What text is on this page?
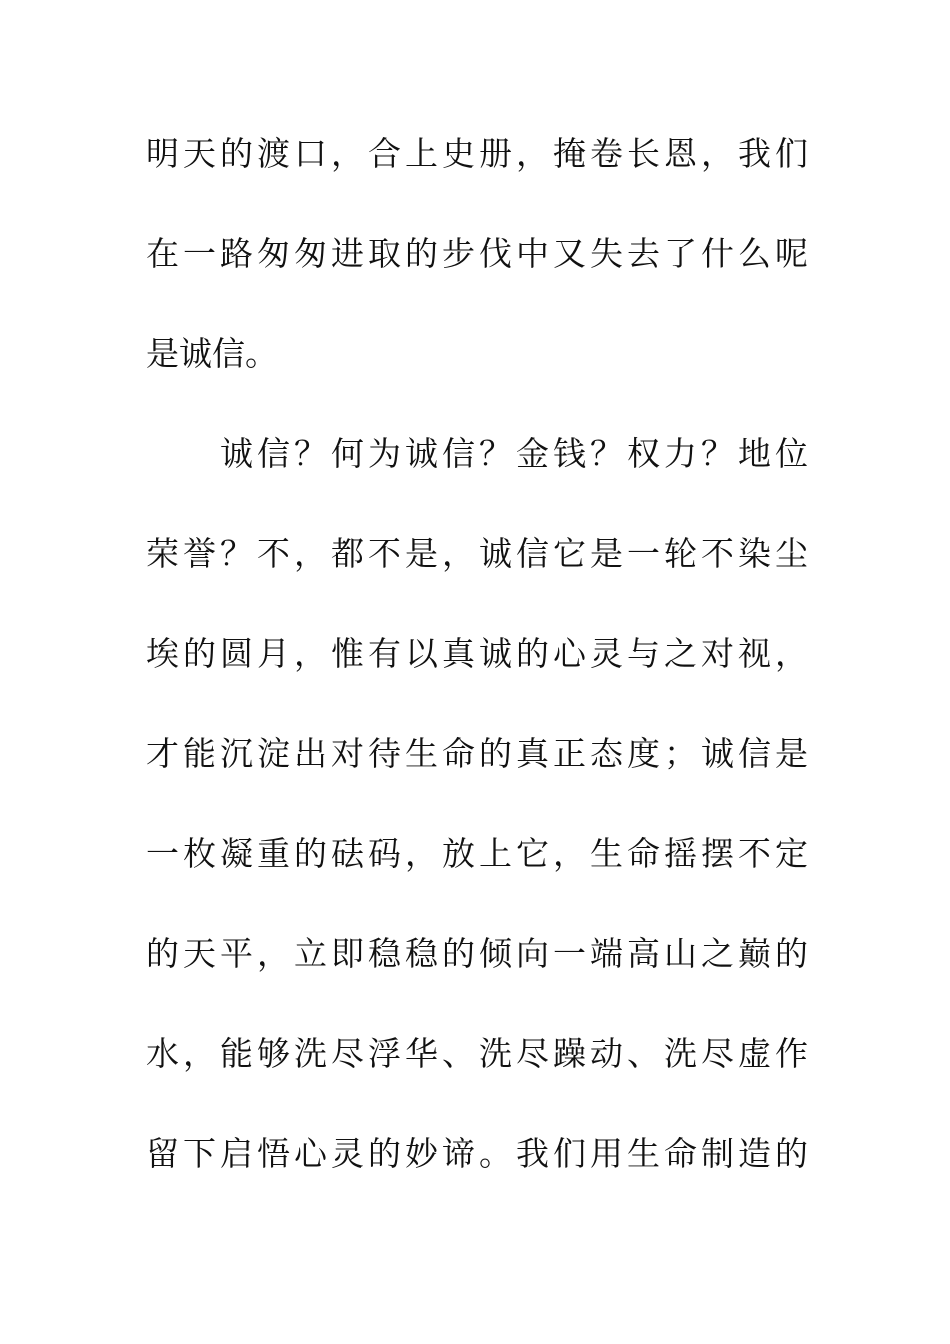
明天的渡口，合上史册，掩卷长恩，我们
在一路匆匆进取的步伐中又失去了什么呢
是诚信。
诚信？何为诚信？金钱？权力？地位
荣誉？不，都不是，诚信它是一轮不染尘
埃的圆月，惟有以真诚的心灵与之对视，
才能沉淀出对待生命的真正态度；诚信是
一枚凝重的砝码，放上它，生命摇摆不定
的天平，立即稳稳的倾向一端高山之巅的
水，能够洗尽浮华、洗尽躁动、洗尽虚作
留下启悟心灵的妙谛。我们用生命制造的
